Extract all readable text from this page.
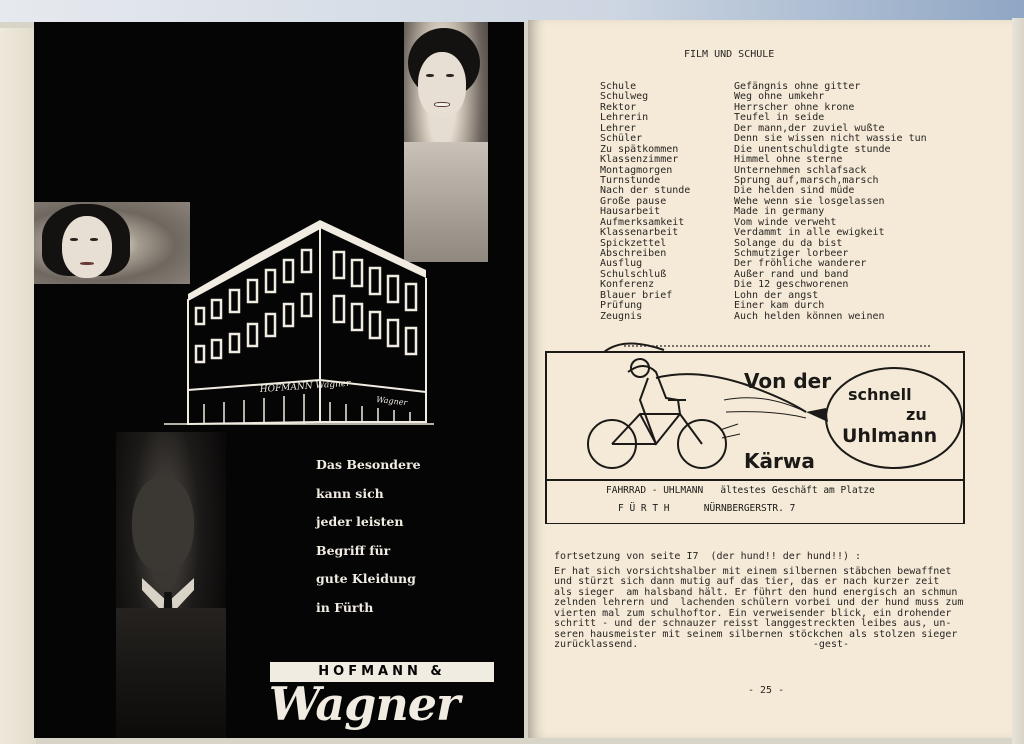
HOFMANN Wagner
Wagner
Das Besondere
kann sich
jeder leisten
Begriff für
gute Kleidung
in Fürth
HOFMANN &
Wagner
FILM UND SCHULE
Schule
Schulweg
Rektor
Lehrerin
Lehrer
Schüler
Zu spätkommen
Klassenzimmer
Montagmorgen
Turnstunde
Nach der stunde
Große pause
Hausarbeit
Aufmerksamkeit
Klassenarbeit
Spickzettel
Abschreiben
Ausflug
Schulschluß
Konferenz
Blauer brief
Prüfung
Zeugnis
Gefängnis ohne gitter
Weg ohne umkehr
Herrscher ohne krone
Teufel in seide
Der mann,der zuviel wußte
Denn sie wissen nicht wassie tun
Die unentschuldigte stunde
Himmel ohne sterne
Unternehmen schlafsack
Sprung auf,marsch,marsch
Die helden sind müde
Wehe wenn sie losgelassen
Made in germany
Vom winde verweht
Verdammt in alle ewigkeit
Solange du da bist
Schmutziger lorbeer
Der fröhliche wanderer
Außer rand und band
Die 12 geschworenen
Lohn der angst
Einer kam durch
Auch helden können weinen
Von der
Kärwa
schnell
zu
Uhlmann
FAHRRAD - UHLMANN   ältestes Geschäft am Platze
F Ü R T H      NÜRNBERGERSTR. 7
fortsetzung von seite I7  (der hund!! der hund!!) :
Er hat sich vorsichtshalber mit einem silbernen stäbchen bewaffnet
und stürzt sich dann mutig auf das tier, das er nach kurzer zeit
als sieger  am halsband hält. Er führt den hund energisch an schmun
zelnden lehrern und  lachenden schülern vorbei und der hund muss zum
vierten mal zum schulhoftor. Ein verweisender blick, ein drohender
schritt - und der schnauzer reisst langgestreckten leibes aus, un-
seren hausmeister mit seinem silbernen stöckchen als stolzen sieger
zurücklassend.                             -gest-
- 25 -
